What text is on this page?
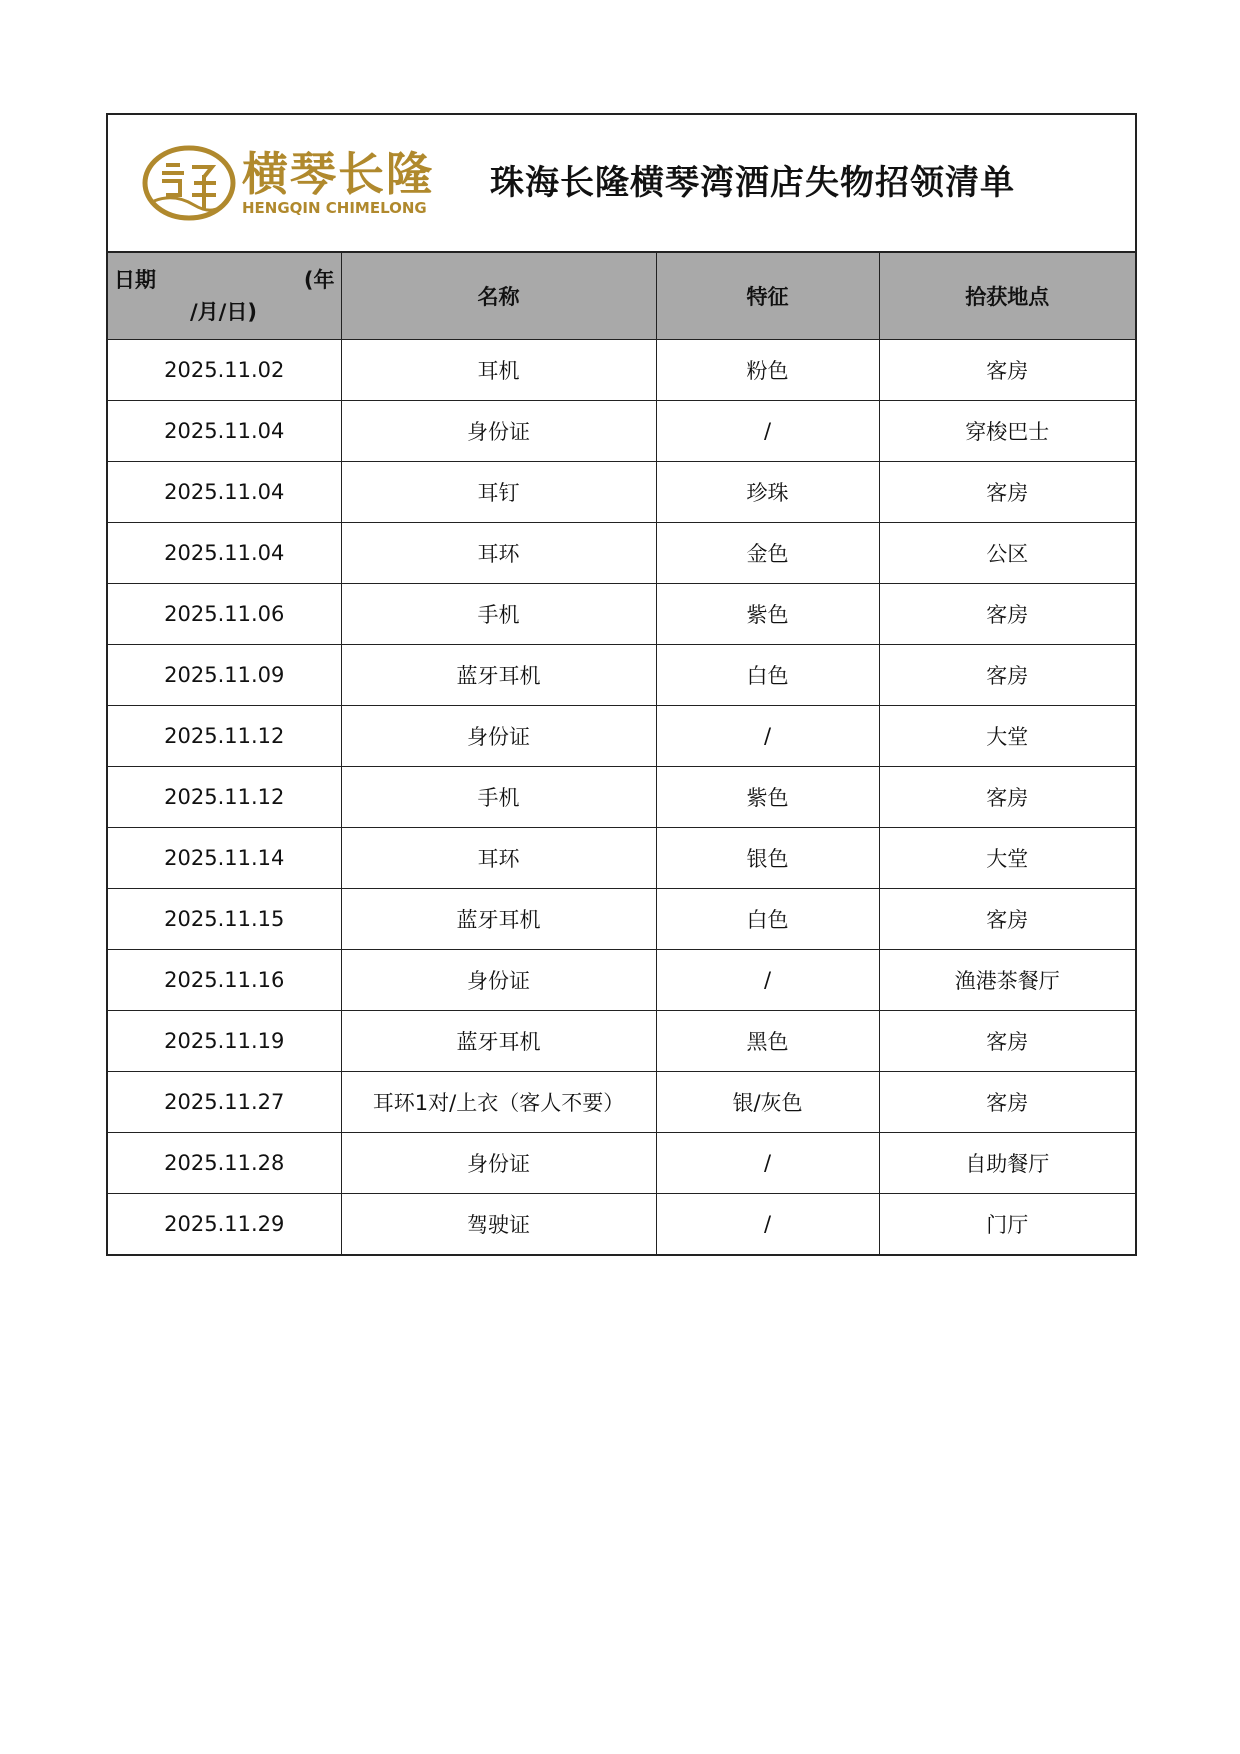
横琴长隆
HENGQIN CHIMELONG
珠海长隆横琴湾酒店失物招领清单
日期 (年
/月/日)	名称	特征	拾获地点
2025.11.02	耳机	粉色	客房
2025.11.04	身份证	/	穿梭巴士
2025.11.04	耳钉	珍珠	客房
2025.11.04	耳环	金色	公区
2025.11.06	手机	紫色	客房
2025.11.09	蓝牙耳机	白色	客房
2025.11.12	身份证	/	大堂
2025.11.12	手机	紫色	客房
2025.11.14	耳环	银色	大堂
2025.11.15	蓝牙耳机	白色	客房
2025.11.16	身份证	/	渔港茶餐厅
2025.11.19	蓝牙耳机	黑色	客房
2025.11.27	耳环1对/上衣（客人不要）	银/灰色	客房
2025.11.28	身份证	/	自助餐厅
2025.11.29	驾驶证	/	门厅
